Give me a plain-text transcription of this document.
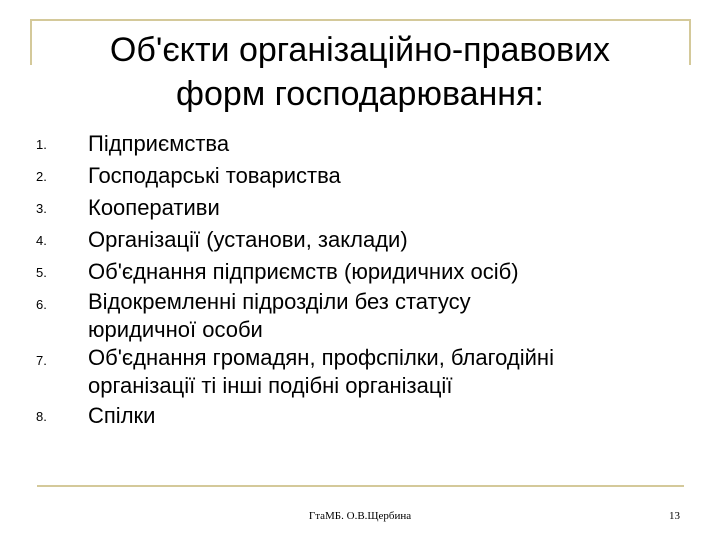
Об'єкти організаційно-правових
форм господарювання:
1. Підприємства
2. Господарські товариства
3. Кооперативи
4. Організації (установи, заклади)
5. Об'єднання підприємств (юридичних осіб)
6. Відокремленні підрозділи без статусу
юридичної особи
7. Об'єднання громадян, профспілки, благодійні
організації ті інші подібні організації
8. Спілки
ГтаМБ. О.В.Щербина	13
